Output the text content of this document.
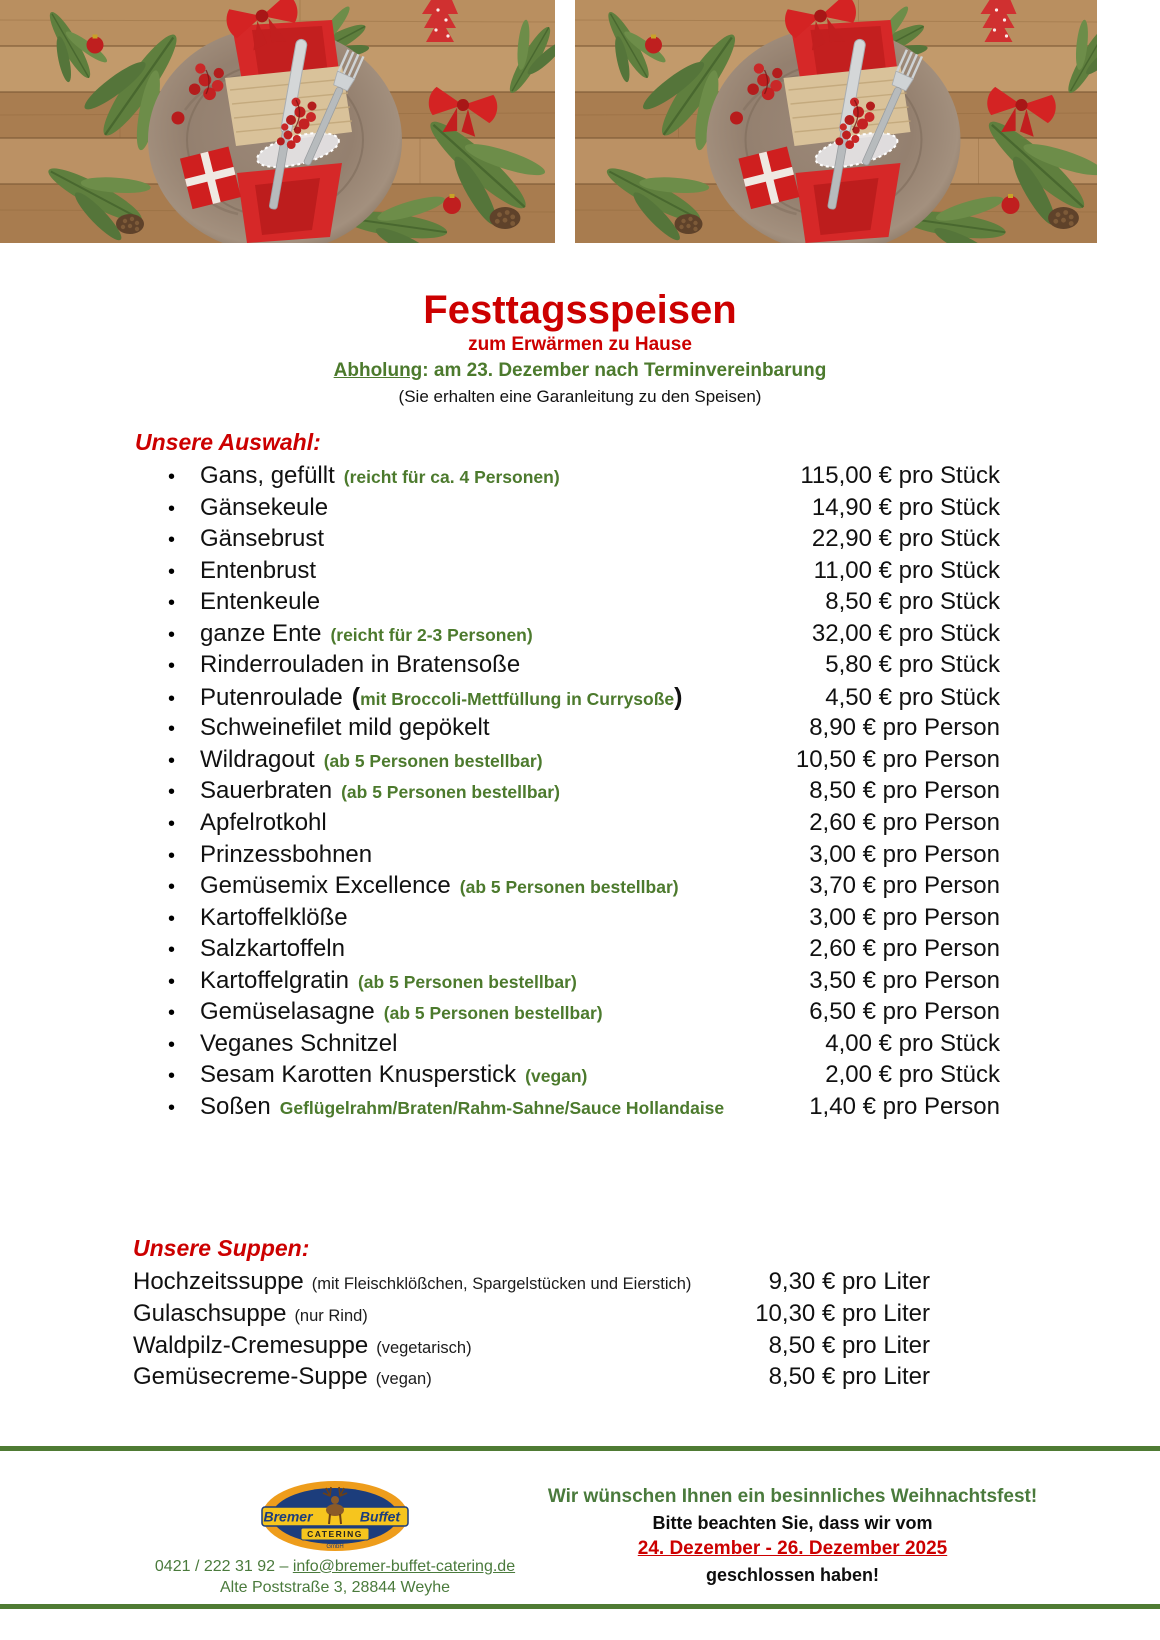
Festtagsspeisen
zum Erwärmen zu Hause
Abholung: am 23. Dezember nach Terminvereinbarung
(Sie erhalten eine Garanleitung zu den Speisen)
Unsere Auswahl:
•	Gans, gefüllt (reicht für ca. 4 Personen)	115,00 € pro Stück
•	Gänsekeule	14,90 € pro Stück
•	Gänsebrust	22,90 € pro Stück
•	Entenbrust	11,00 € pro Stück
•	Entenkeule	8,50 € pro Stück
•	ganze Ente (reicht für 2-3 Personen)	32,00 € pro Stück
•	Rinderrouladen in Bratensoße	5,80 € pro Stück
•	Putenroulade (mit Broccoli-Mettfüllung in Currysoße)	4,50 € pro Stück
•	Schweinefilet mild gepökelt	8,90 € pro Person
•	Wildragout (ab 5 Personen bestellbar)	10,50 € pro Person
•	Sauerbraten (ab 5 Personen bestellbar)	8,50 € pro Person
•	Apfelrotkohl	2,60 € pro Person
•	Prinzessbohnen	3,00 € pro Person
•	Gemüsemix Excellence (ab 5 Personen bestellbar)	3,70 € pro Person
•	Kartoffelklöße	3,00 € pro Person
•	Salzkartoffeln	2,60 € pro Person
•	Kartoffelgratin (ab 5 Personen bestellbar)	3,50 € pro Person
•	Gemüselasagne (ab 5 Personen bestellbar)	6,50 € pro Person
•	Veganes Schnitzel	4,00 € pro Stück
•	Sesam Karotten Knusperstick (vegan)	2,00 € pro Stück
•	Soßen Geflügelrahm/Braten/Rahm-Sahne/Sauce Hollandaise	1,40 € pro Person
Unsere Suppen:
Hochzeitssuppe (mit Fleischklößchen, Spargelstücken und Eierstich)	9,30 € pro Liter
Gulaschsuppe (nur Rind)	10,30 € pro Liter
Waldpilz-Cremesuppe (vegetarisch)	8,50 € pro Liter
Gemüsecreme-Suppe (vegan)	8,50 € pro Liter
Bremer	Buffet
CATERING
GmbH
0421 / 222 31 92 – info@bremer-buffet-catering.de
Alte Poststraße 3, 28844 Weyhe
Wir wünschen Ihnen ein besinnliches Weihnachtsfest!
Bitte beachten Sie, dass wir vom
24. Dezember - 26. Dezember 2025
geschlossen haben!
